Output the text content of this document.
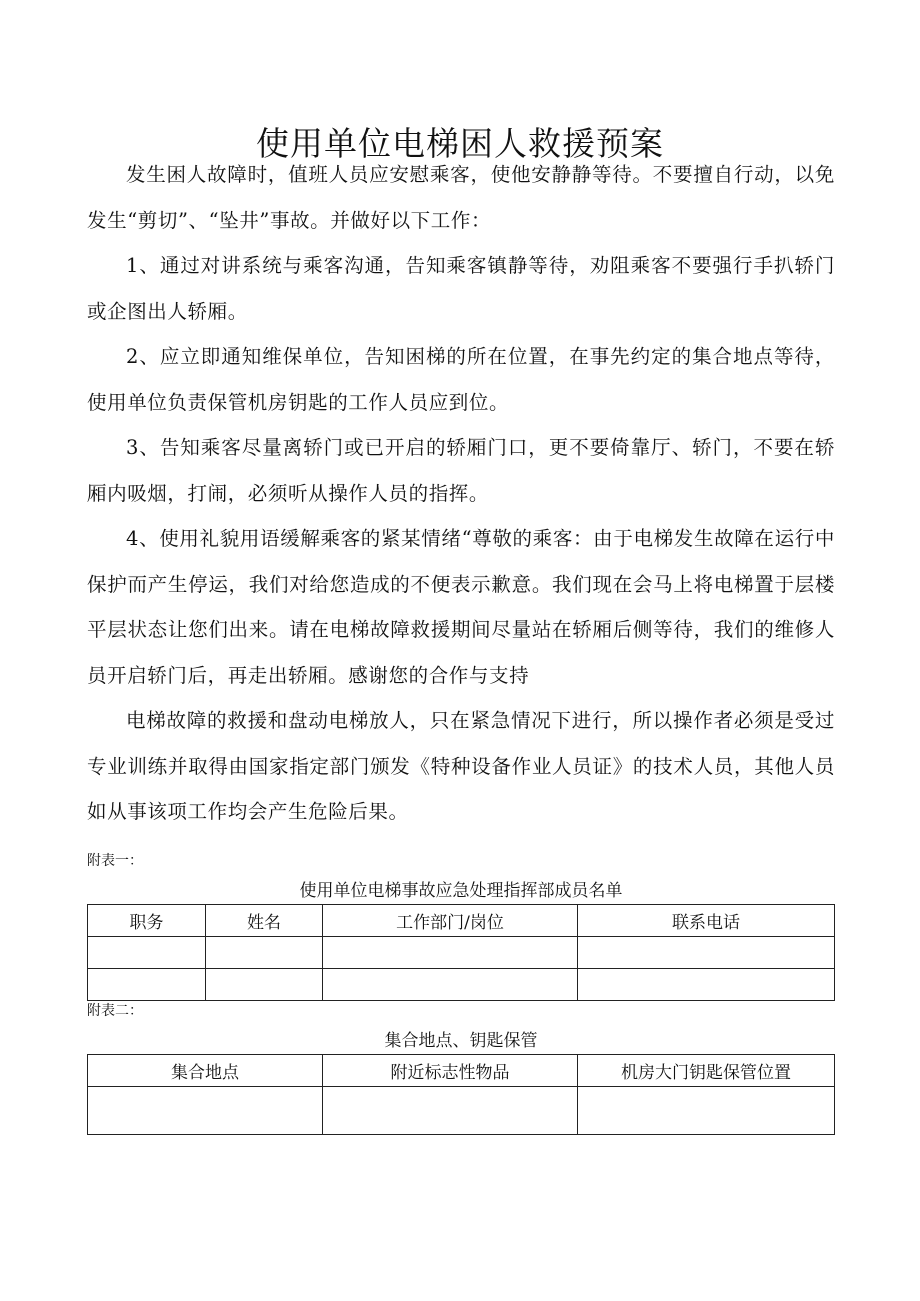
使用单位电梯困人救援预案

发生困人故障时，值班人员应安慰乘客，使他安静静等待。不要擅自行动，以免发生“剪切”、“坠井”事故。并做好以下工作：

1、通过对讲系统与乘客沟通，告知乘客镇静等待，劝阻乘客不要强行手扒轿门或企图出人轿厢。

2、应立即通知维保单位，告知困梯的所在位置，在事先约定的集合地点等待，使用单位负责保管机房钥匙的工作人员应到位。

3、告知乘客尽量离轿门或已开启的轿厢门口，更不要倚靠厅、轿门，不要在轿厢内吸烟，打闹，必须听从操作人员的指挥。

4、使用礼貌用语缓解乘客的紧某情绪“尊敬的乘客：由于电梯发生故障在运行中保护而产生停运，我们对给您造成的不便表示歉意。我们现在会马上将电梯置于层楼平层状态让您们出来。请在电梯故障救援期间尽量站在轿厢后侧等待，我们的维修人员开启轿门后，再走出轿厢。感谢您的合作与支持

电梯故障的救援和盘动电梯放人，只在紧急情况下进行，所以操作者必须是受过专业训练并取得由国家指定部门颁发《特种设备作业人员证》的技术人员，其他人员如从事该项工作均会产生危险后果。

附表一：
使用单位电梯事故应急处理指挥部成员名单
职务	姓名	工作部门/岗位	联系电话

附表二：
集合地点、钥匙保管
集合地点	附近标志性物品	机房大门钥匙保管位置
